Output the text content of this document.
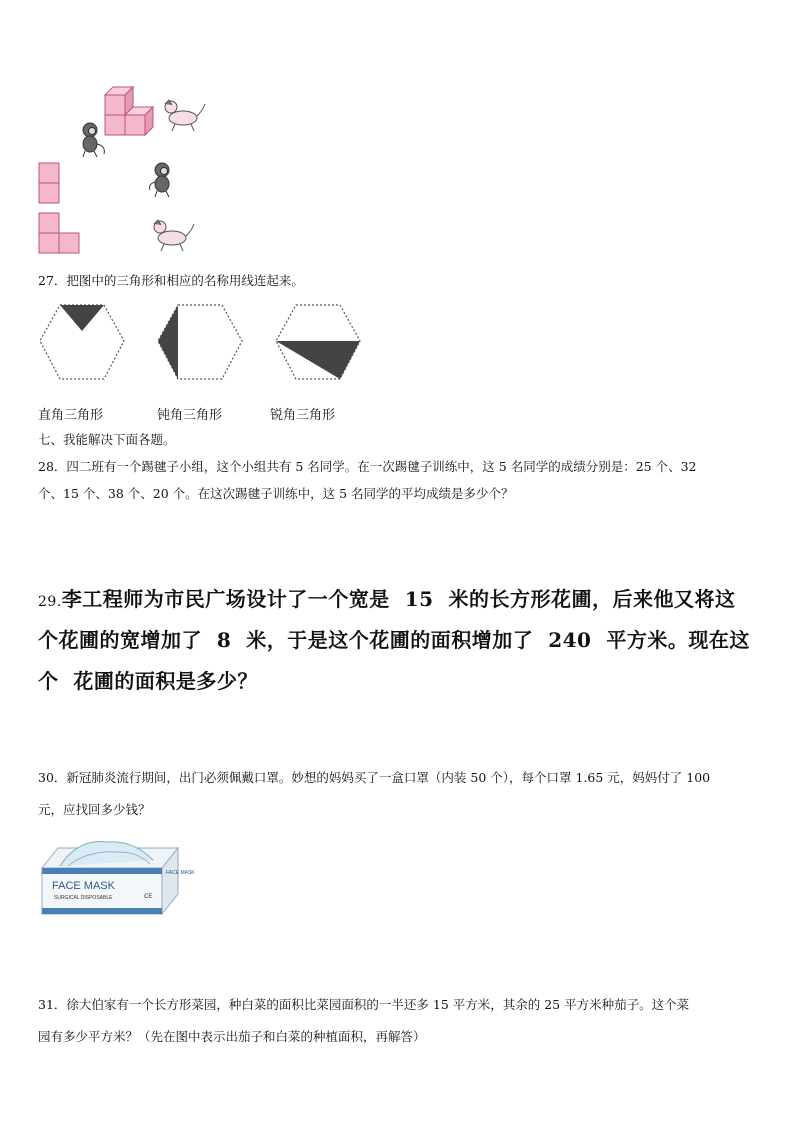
27．把图中的三角形和相应的名称用线连起来。
直角三角形	钝角三角形	锐角三角形
七、我能解决下面各题。
28．四二班有一个踢毽子小组，这个小组共有 5 名同学。在一次踢毽子训练中，这 5 名同学的成绩分别是：25 个、32
个、15 个、38 个、20 个。在这次踢毽子训练中，这 5 名同学的平均成绩是多少个？
29.李工程师为市民广场设计了一个宽是  15  米的长方形花圃，后来他又将这
个花圃的宽增加了  8  米，于是这个花圃的面积增加了  240  平方米。现在这
个  花圃的面积是多少？
30．新冠肺炎流行期间，出门必须佩戴口罩。妙想的妈妈买了一盒口罩（内装 50 个），每个口罩 1.65 元，妈妈付了 100
元，应找回多少钱？
FACE MASK
SURGICAL DISPOSABLE
FACE MASK
CE
31．徐大伯家有一个长方形菜园，种白菜的面积比菜园面积的一半还多 15 平方米，其余的 25 平方米种茄子。这个菜
园有多少平方米？（先在图中表示出茄子和白菜的种植面积，再解答）
